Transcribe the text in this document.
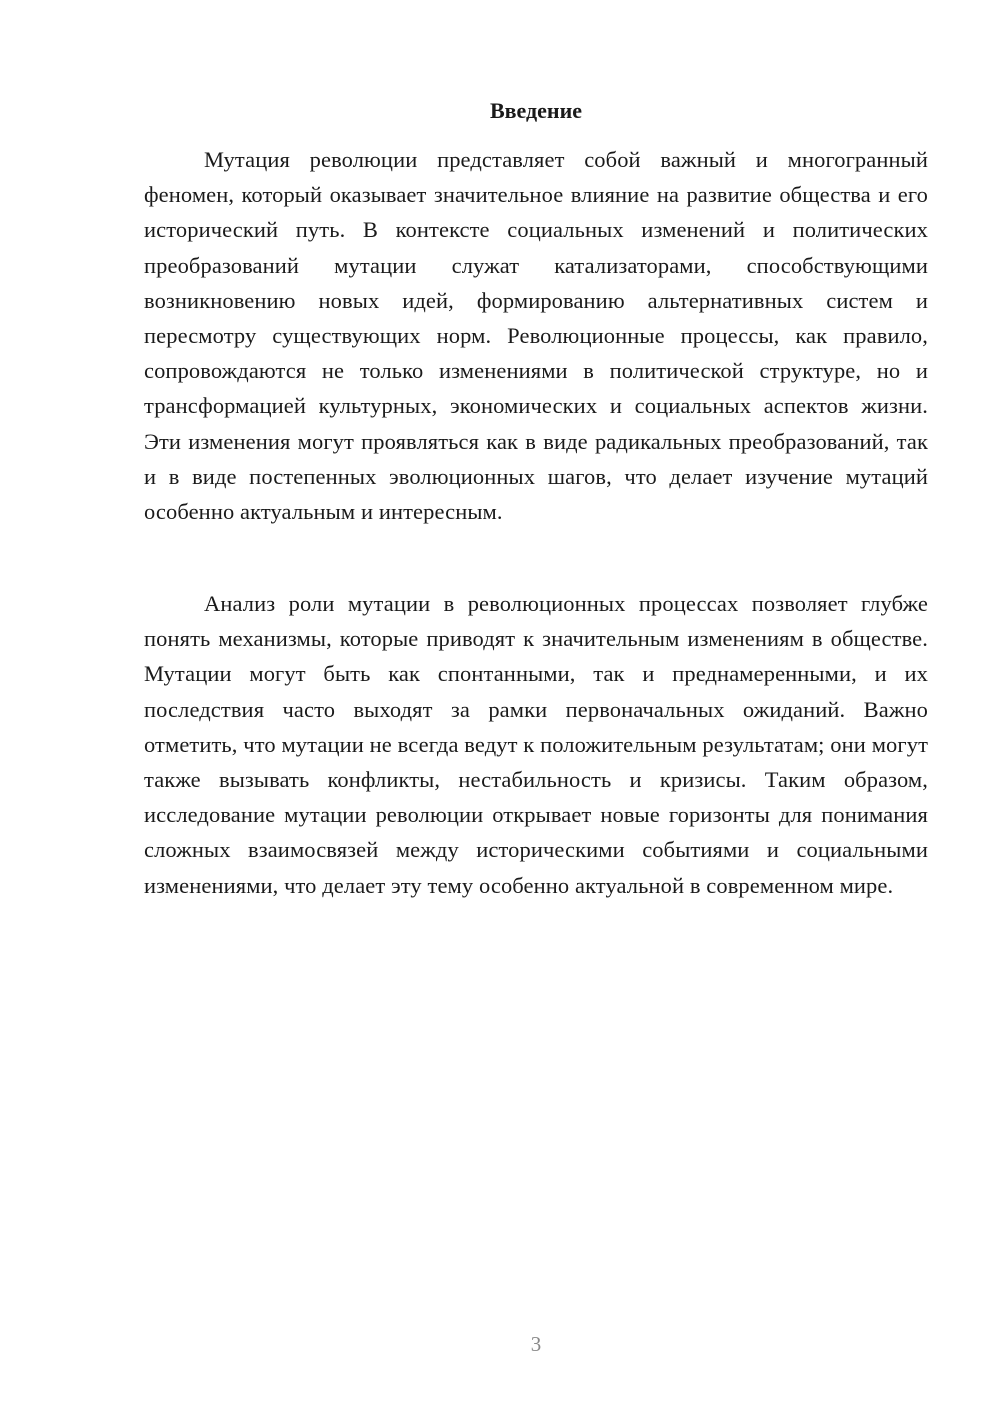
Введение

Мутация революции представляет собой важный и многогранный феномен, который оказывает значительное влияние на развитие общества и его исторический путь. В контексте социальных изменений и политических преобразований мутации служат катализаторами, способствующими возникновению новых идей, формированию альтернативных систем и пересмотру существующих норм. Революционные процессы, как правило, сопровождаются не только изменениями в политической структуре, но и трансформацией культурных, экономических и социальных аспектов жизни. Эти изменения могут проявляться как в виде радикальных преобразований, так и в виде постепенных эволюционных шагов, что делает изучение мутаций особенно актуальным и интересным.

Анализ роли мутации в революционных процессах позволяет глубже понять механизмы, которые приводят к значительным изменениям в обществе. Мутации могут быть как спонтанными, так и преднамеренными, и их последствия часто выходят за рамки первоначальных ожиданий. Важно отметить, что мутации не всегда ведут к положительным результатам; они могут также вызывать конфликты, нестабильность и кризисы. Таким образом, исследование мутации революции открывает новые горизонты для понимания сложных взаимосвязей между историческими событиями и социальными изменениями, что делает эту тему особенно актуальной в современном мире.

3
